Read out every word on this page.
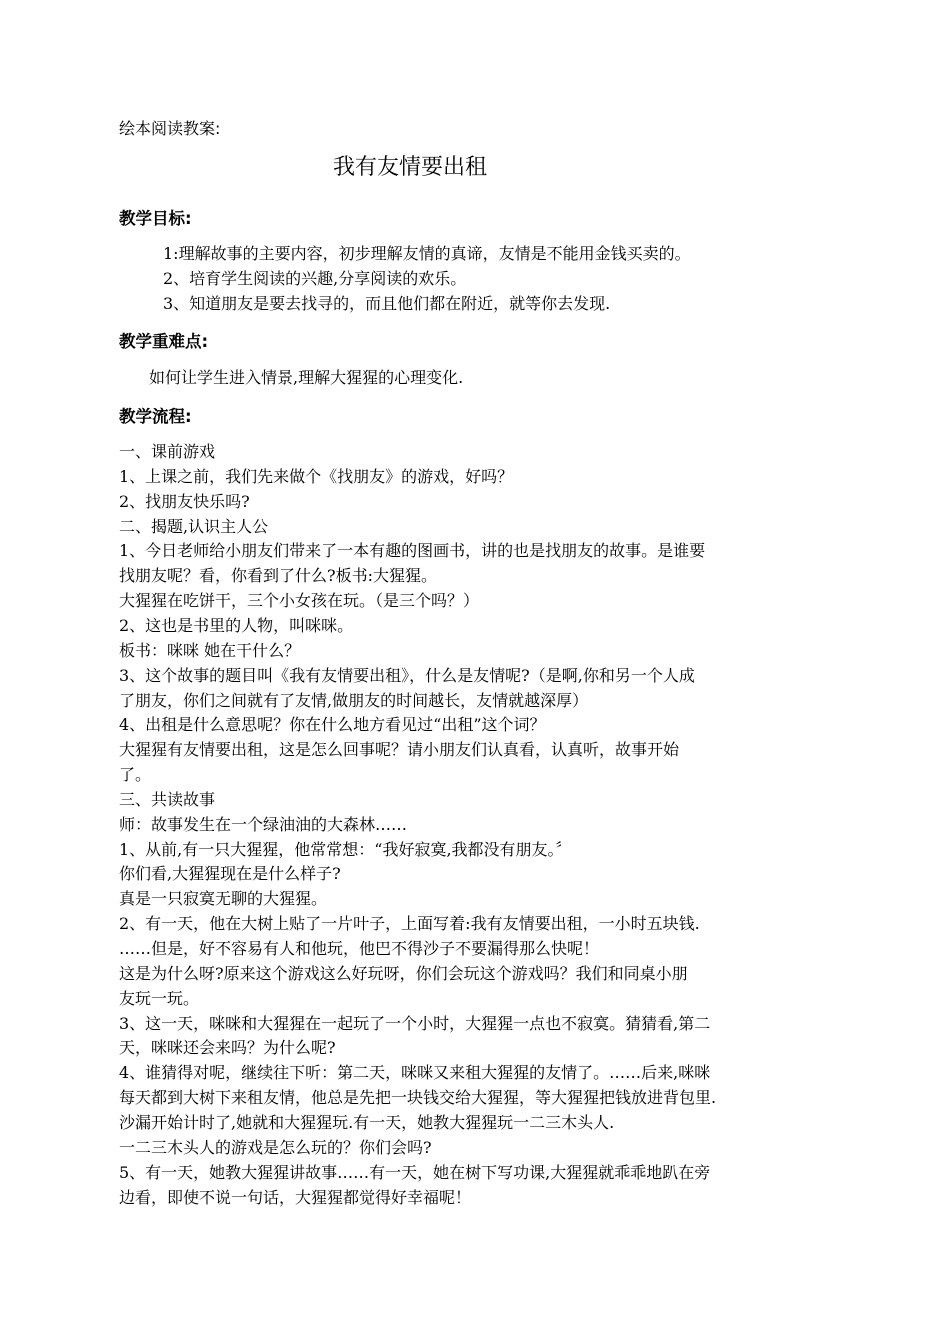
绘本阅读教案:
我有友情要出租
教学目标:
1:理解故事的主要内容，初步理解友情的真谛，友情是不能用金钱买卖的。
2、培育学生阅读的兴趣,分享阅读的欢乐。
3、知道朋友是要去找寻的，而且他们都在附近，就等你去发现.
教学重难点:
如何让学生进入情景,理解大猩猩的心理变化.
教学流程:
一、课前游戏
1、上课之前，我们先来做个《找朋友》的游戏，好吗？
2、找朋友快乐吗?
二、揭题,认识主人公
1、今日老师给小朋友们带来了一本有趣的图画书，讲的也是找朋友的故事。是谁要
找朋友呢？看，你看到了什么?板书:大猩猩。
大猩猩在吃饼干，三个小女孩在玩。（是三个吗？）
2、这也是书里的人物，叫咪咪。
板书：咪咪 她在干什么？
3、这个故事的题目叫《我有友情要出租》，什么是友情呢?（是啊,你和另一个人成
了朋友，你们之间就有了友情,做朋友的时间越长，友情就越深厚）
4、出租是什么意思呢？你在什么地方看见过“出租”这个词？
大猩猩有友情要出租，这是怎么回事呢？请小朋友们认真看，认真听，故事开始
了。
三、共读故事
师：故事发生在一个绿油油的大森林……
1、从前,有一只大猩猩，他常常想：“我好寂寞,我都没有朋友。〞
你们看,大猩猩现在是什么样子?
真是一只寂寞无聊的大猩猩。
2、有一天，他在大树上贴了一片叶子，上面写着:我有友情要出租，一小时五块钱.
……但是，好不容易有人和他玩，他巴不得沙子不要漏得那么快呢！
这是为什么呀?原来这个游戏这么好玩呀，你们会玩这个游戏吗？我们和同桌小朋
友玩一玩。
3、这一天，咪咪和大猩猩在一起玩了一个小时，大猩猩一点也不寂寞。猜猜看,第二
天，咪咪还会来吗？为什么呢?
4、谁猜得对呢，继续往下听：第二天，咪咪又来租大猩猩的友情了。……后来,咪咪
每天都到大树下来租友情，他总是先把一块钱交给大猩猩，等大猩猩把钱放进背包里.
沙漏开始计时了,她就和大猩猩玩.有一天，她教大猩猩玩一二三木头人.
一二三木头人的游戏是怎么玩的？你们会吗?
5、有一天，她教大猩猩讲故事……有一天，她在树下写功课,大猩猩就乖乖地趴在旁
边看，即使不说一句话，大猩猩都觉得好幸福呢！
